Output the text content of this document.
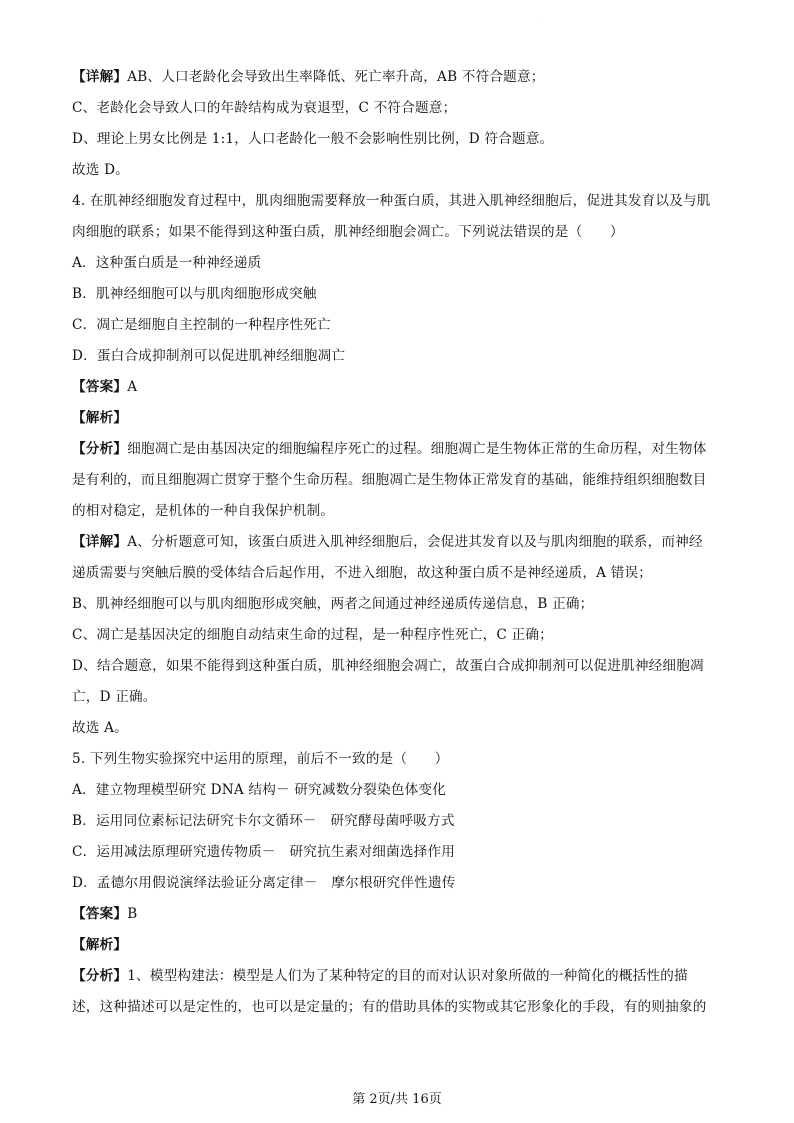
·
【详解】AB、人口老龄化会导致出生率降低、死亡率升高，AB 不符合题意；
C、老龄化会导致人口的年龄结构成为衰退型，C 不符合题意；
D、理论上男女比例是 1:1，人口老龄化一般不会影响性别比例，D 符合题意。
故选 D。
4. 在肌神经细胞发育过程中，肌肉细胞需要释放一种蛋白质，其进入肌神经细胞后，促进其发育以及与肌
肉细胞的联系；如果不能得到这种蛋白质，肌神经细胞会凋亡。下列说法错误的是（　　）
A．这种蛋白质是一种神经递质
B．肌神经细胞可以与肌肉细胞形成突触
C．凋亡是细胞自主控制的一种程序性死亡
D．蛋白合成抑制剂可以促进肌神经细胞凋亡
【答案】A
【解析】
【分析】细胞凋亡是由基因决定的细胞编程序死亡的过程。细胞凋亡是生物体正常的生命历程，对生物体
是有利的，而且细胞凋亡贯穿于整个生命历程。细胞凋亡是生物体正常发育的基础，能维持组织细胞数目
的相对稳定，是机体的一种自我保护机制。
【详解】A、分析题意可知，该蛋白质进入肌神经细胞后，会促进其发育以及与肌肉细胞的联系，而神经
递质需要与突触后膜的受体结合后起作用，不进入细胞，故这种蛋白质不是神经递质，A 错误；
B、肌神经细胞可以与肌肉细胞形成突触，两者之间通过神经递质传递信息，B 正确；
C、凋亡是基因决定的细胞自动结束生命的过程，是一种程序性死亡，C 正确；
D、结合题意，如果不能得到这种蛋白质，肌神经细胞会凋亡，故蛋白合成抑制剂可以促进肌神经细胞凋
亡，D 正确。
故选 A。
5. 下列生物实验探究中运用的原理，前后不一致的是（　　）
A．建立物理模型研究 DNA 结构－ 研究减数分裂染色体变化
B．运用同位素标记法研究卡尔文循环－　研究酵母菌呼吸方式
C．运用减法原理研究遗传物质－　研究抗生素对细菌选择作用
D．孟德尔用假说演绎法验证分离定律－　摩尔根研究伴性遗传
【答案】B
【解析】
【分析】1、模型构建法：模型是人们为了某种特定的目的而对认识对象所做的一种简化的概括性的描
述，这种描述可以是定性的，也可以是定量的；有的借助具体的实物或其它形象化的手段，有的则抽象的
第 2页/共 16页
